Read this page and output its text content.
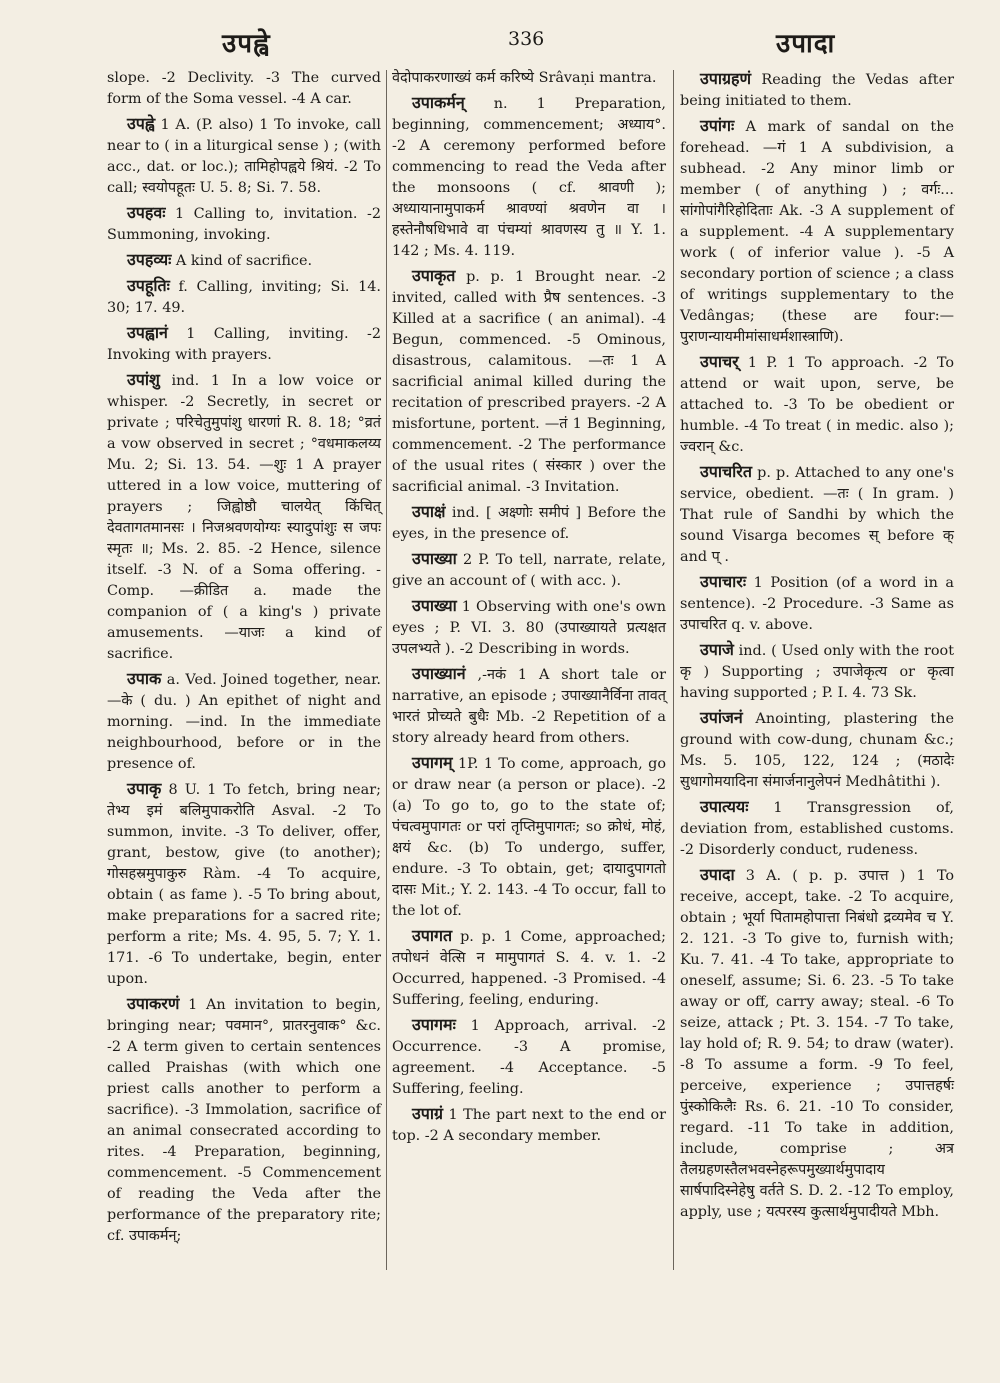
उपह्वे	336	उपादा

slope. -2 Declivity. -3 The curved form of the Soma vessel. -4 A car.

उपह्वे 1 A. (P. also) 1 To invoke, call near to ( in a liturgical sense ) ; (with acc., dat. or loc.); तामिहोपह्वये श्रियं. -2 To call; स्वयोपहूतः U. 5. 8; Si. 7. 58.

उपहवः 1 Calling to, invitation. -2 Summoning, invoking.

उपहव्यः A kind of sacrifice.

उपहूतिः f. Calling, inviting; Si. 14. 30; 17. 49.

उपह्वानं 1 Calling, inviting. -2 Invoking with prayers.

उपांशु ind. 1 In a low voice or whisper. -2 Secretly, in secret or private ; परिचेतुमुपांशु धारणां R. 8. 18; °व्रतं a vow observed in secret ; °वधमाकलय्य Mu. 2; Si. 13. 54. —शुः 1 A prayer uttered in a low voice, muttering of prayers ; जिह्वोष्ठौ चालयेत् किंचित् देवतागतमानसः । निजश्रवणयोग्यः स्यादुपांशुः स जपः स्मृतः ॥; Ms. 2. 85. -2 Hence, silence itself. -3 N. of a Soma offering. -Comp. —क्रीडित a. made the companion of ( a king's ) private amusements. —याजः a kind of sacrifice.

उपाक a. Ved. Joined together, near. —के ( du. ) An epithet of night and morning. —ind. In the immediate neighbourhood, before or in the presence of.

उपाकृ 8 U. 1 To fetch, bring near; तेभ्य इमं बलिमुपाकरोति Asval. -2 To summon, invite. -3 To deliver, offer, grant, bestow, give (to another); गोसहस्रमुपाकुरु Ràm. -4 To acquire, obtain ( as fame ). -5 To bring about, make preparations for a sacred rite; perform a rite; Ms. 4. 95, 5. 7; Y. 1. 171. -6 To undertake, begin, enter upon.

उपाकरणं 1 An invitation to begin, bringing near; पवमान°, प्रातरनुवाक° &c. -2 A term given to certain sentences called Praishas (with which one priest calls another to perform a sacrifice). -3 Immolation, sacrifice of an animal consecrated according to rites. -4 Preparation, beginning, commencement. -5 Commencement of reading the Veda after the performance of the preparatory rite; cf. उपाकर्मन्;

वेदोपाकरणाख्यं कर्म करिष्ये Srâvaṇi mantra.

उपाकर्मन् n. 1 Preparation, beginning, commencement; अध्याय°. -2 A ceremony performed before commencing to read the Veda after the monsoons ( cf. श्रावणी ); अध्यायानामुपाकर्म श्रावण्यां श्रवणेन वा । हस्तेनौषधिभावे वा पंचम्यां श्रावणस्य तु ॥ Y. 1. 142 ; Ms. 4. 119.

उपाकृत p. p. 1 Brought near. -2 invited, called with प्रैष sentences. -3 Killed at a sacrifice ( an animal). -4 Begun, commenced. -5 Ominous, disastrous, calamitous. —तः 1 A sacrificial animal killed during the recitation of prescribed prayers. -2 A misfortune, portent. —तं 1 Beginning, commencement. -2 The performance of the usual rites ( संस्कार ) over the sacrificial animal. -3 Invitation.

उपाक्षं ind. [ अक्ष्णोः समीपं ] Before the eyes, in the presence of.

उपाख्या 2 P. To tell, narrate, relate, give an account of ( with acc. ).

उपाख्या 1 Observing with one's own eyes ; P. VI. 3. 80 (उपाख्यायते प्रत्यक्षत उपलभ्यते ). -2 Describing in words.

उपाख्यानं ,-नकं 1 A short tale or narrative, an episode ; उपाख्यानैर्विना तावत् भारतं प्रोच्यते बुधैः Mb. -2 Repetition of a story already heard from others.

उपागम् 1P. 1 To come, approach, go or draw near (a person or place). -2 (a) To go to, go to the state of; पंचत्वमुपागतः or परां तृप्तिमुपागतः; so क्रोधं, मोहं, क्षयं &c. (b) To undergo, suffer, endure. -3 To obtain, get; दायादुपागतो दासः Mit.; Y. 2. 143. -4 To occur, fall to the lot of.

उपागत p. p. 1 Come, approached; तपोधनं वेत्सि न मामुपागतं S. 4. v. 1. -2 Occurred, happened. -3 Promised. -4 Suffering, feeling, enduring.

उपागमः 1 Approach, arrival. -2 Occurrence. -3 A promise, agreement. -4 Acceptance. -5 Suffering, feeling.

उपाग्रं 1 The part next to the end or top. -2 A secondary member.

उपाग्रहणं Reading the Vedas after being initiated to them.

उपांगः A mark of sandal on the forehead. —गं 1 A subdivision, a subhead. -2 Any minor limb or member ( of anything ) ; वर्गः... सांगोपांगैरिहोदिताः Ak. -3 A supplement of a supplement. -4 A supplementary work ( of inferior value ). -5 A secondary portion of science ; a class of writings supplementary to the Vedângas; (these are four:— पुराणन्यायमीमांसाधर्मशास्त्राणि).

उपाचर् 1 P. 1 To approach. -2 To attend or wait upon, serve, be attached to. -3 To be obedient or humble. -4 To treat ( in medic. also ); ज्वरान् &c.

उपाचरित p. p. Attached to any one's service, obedient. —तः ( In gram. ) That rule of Sandhi by which the sound Visarga becomes स् before क् and प् .

उपाचारः 1 Position (of a word in a sentence). -2 Procedure. -3 Same as उपाचरित q. v. above.

उपाजे ind. ( Used only with the root कृ ) Supporting ; उपाजेकृत्य or कृत्वा having supported ; P. I. 4. 73 Sk.

उपांजनं Anointing, plastering the ground with cow-dung, chunam &c.; Ms. 5. 105, 122, 124 ; (मठादेः सुधागोमयादिना संमार्जनानुलेपनं Medhâtithi ).

उपात्ययः 1 Transgression of, deviation from, established customs. -2 Disorderly conduct, rudeness.

उपादा 3 A. ( p. p. उपात्त ) 1 To receive, accept, take. -2 To acquire, obtain ; भूर्या पितामहोपात्ता निबंधो द्रव्यमेव च Y. 2. 121. -3 To give to, furnish with; Ku. 7. 41. -4 To take, appropriate to oneself, assume; Si. 6. 23. -5 To take away or off, carry away; steal. -6 To seize, attack ; Pt. 3. 154. -7 To take, lay hold of; R. 9. 54; to draw (water). -8 To assume a form. -9 To feel, perceive, experience ; उपात्तहर्षः पुंस्कोकिलैः Rs. 6. 21. -10 To consider, regard. -11 To take in addition, include, comprise ; अत्र तैलग्रहणस्तैलभवस्नेहरूपमुख्यार्थमुपादाय सार्षपादिस्नेहेषु वर्तते S. D. 2. -12 To employ, apply, use ; यत्परस्य कुत्सार्थमुपादीयते Mbh.
